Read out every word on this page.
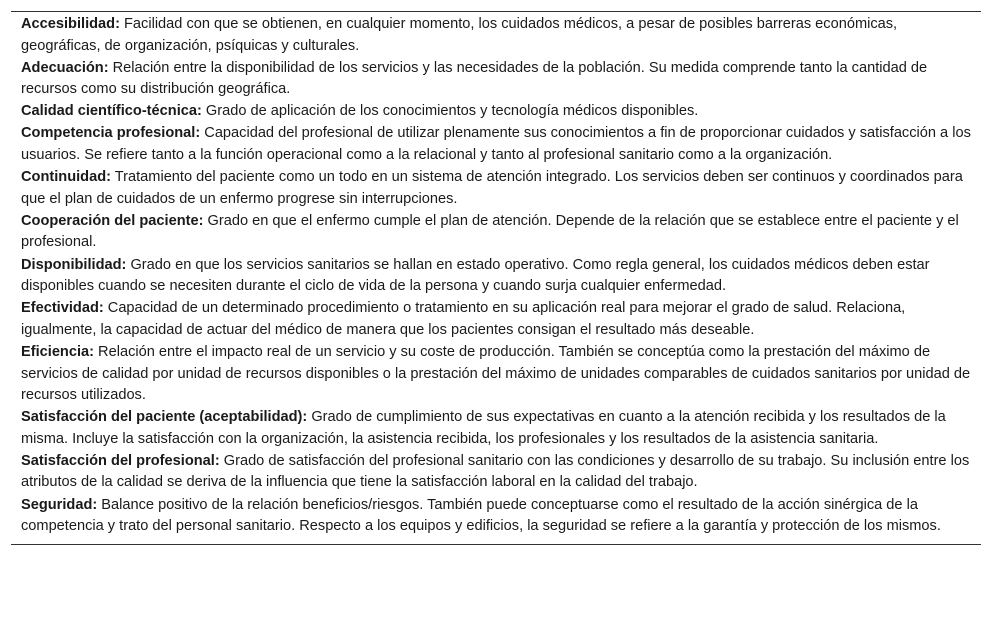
Accesibilidad: Facilidad con que se obtienen, en cualquier momento, los cuidados médicos, a pesar de posibles barreras económicas, geográficas, de organización, psíquicas y culturales.
Adecuación: Relación entre la disponibilidad de los servicios y las necesidades de la población. Su medida comprende tanto la cantidad de recursos como su distribución geográfica.
Calidad científico-técnica: Grado de aplicación de los conocimientos y tecnología médicos disponibles.
Competencia profesional: Capacidad del profesional de utilizar plenamente sus conocimientos a fin de proporcionar cuidados y satisfacción a los usuarios. Se refiere tanto a la función operacional como a la relacional y tanto al profesional sanitario como a la organización.
Continuidad: Tratamiento del paciente como un todo en un sistema de atención integrado. Los servicios deben ser continuos y coordinados para que el plan de cuidados de un enfermo progrese sin interrupciones.
Cooperación del paciente: Grado en que el enfermo cumple el plan de atención. Depende de la relación que se establece entre el paciente y el profesional.
Disponibilidad: Grado en que los servicios sanitarios se hallan en estado operativo. Como regla general, los cuidados médicos deben estar disponibles cuando se necesiten durante el ciclo de vida de la persona y cuando surja cualquier enfermedad.
Efectividad: Capacidad de un determinado procedimiento o tratamiento en su aplicación real para mejorar el grado de salud. Relaciona, igualmente, la capacidad de actuar del médico de manera que los pacientes consigan el resultado más deseable.
Eficiencia: Relación entre el impacto real de un servicio y su coste de producción. También se conceptúa como la prestación del máximo de servicios de calidad por unidad de recursos disponibles o la prestación del máximo de unidades comparables de cuidados sanitarios por unidad de recursos utilizados.
Satisfacción del paciente (aceptabilidad): Grado de cumplimiento de sus expectativas en cuanto a la atención recibida y los resultados de la misma. Incluye la satisfacción con la organización, la asistencia recibida, los profesionales y los resultados de la asistencia sanitaria.
Satisfacción del profesional: Grado de satisfacción del profesional sanitario con las condiciones y desarrollo de su trabajo. Su inclusión entre los atributos de la calidad se deriva de la influencia que tiene la satisfacción laboral en la calidad del trabajo.
Seguridad: Balance positivo de la relación beneficios/riesgos. También puede conceptuarse como el resultado de la acción sinérgica de la competencia y trato del personal sanitario. Respecto a los equipos y edificios, la seguridad se refiere a la garantía y protección de los mismos.
